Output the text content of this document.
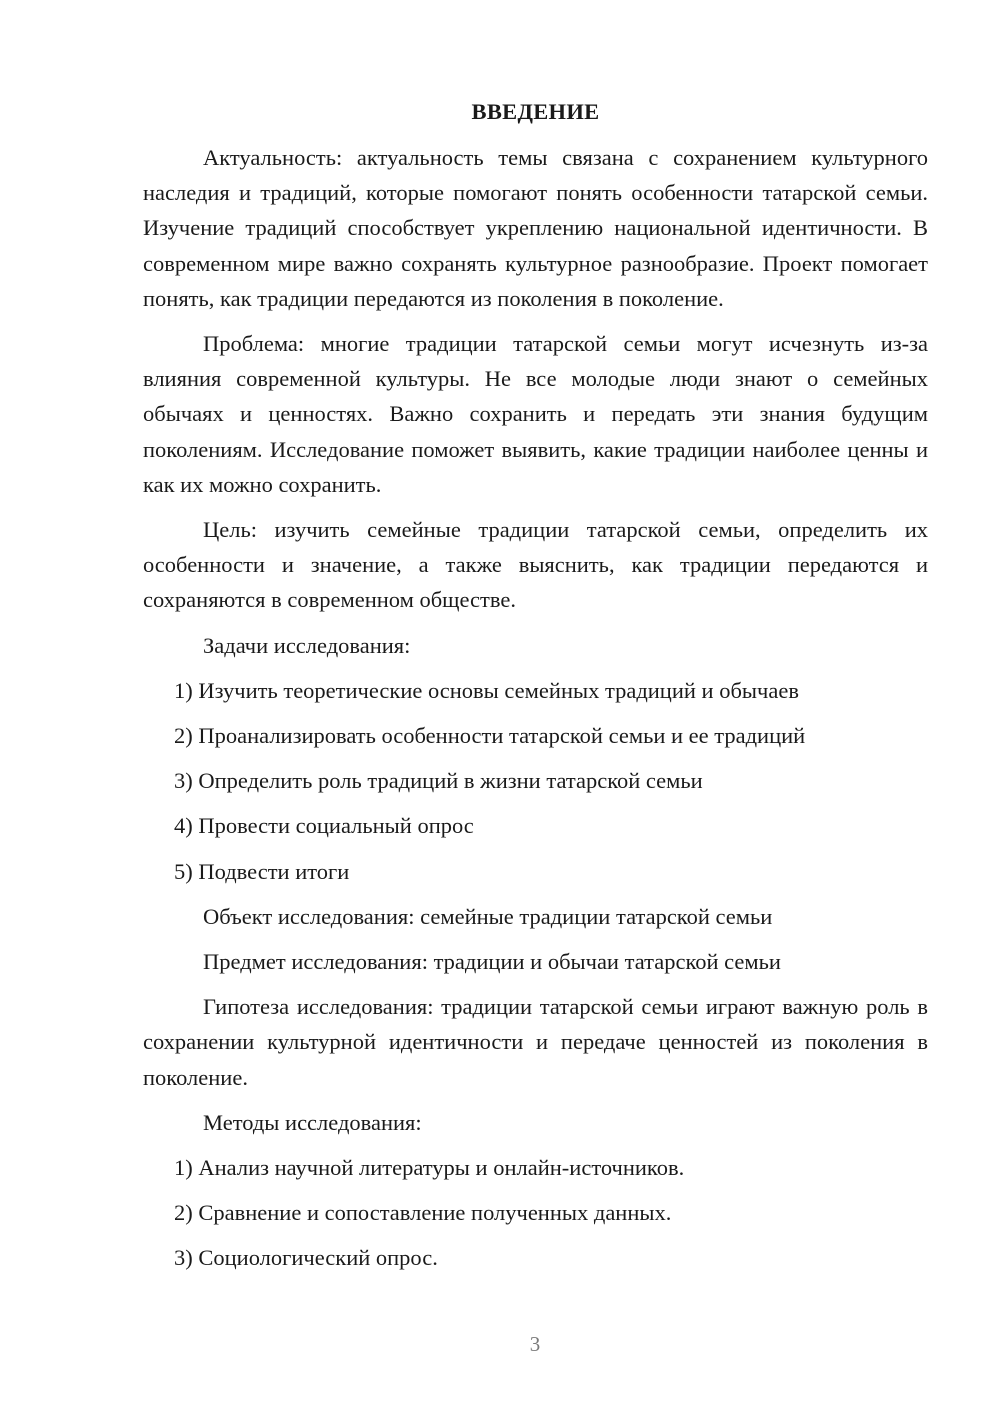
ВВЕДЕНИЕ

Актуальность: актуальность темы связана с сохранением культурного наследия и традиций, которые помогают понять особенности татарской семьи. Изучение традиций способствует укреплению национальной идентичности. В современном мире важно сохранять культурное разнообразие. Проект помогает понять, как традиции передаются из поколения в поколение.

Проблема: многие традиции татарской семьи могут исчезнуть из-за влияния современной культуры. Не все молодые люди знают о семейных обычаях и ценностях. Важно сохранить и передать эти знания будущим поколениям. Исследование поможет выявить, какие традиции наиболее ценны и как их можно сохранить.

Цель: изучить семейные традиции татарской семьи, определить их особенности и значение, а также выяснить, как традиции передаются и сохраняются в современном обществе.

Задачи исследования:
1) Изучить теоретические основы семейных традиций и обычаев
2) Проанализировать особенности татарской семьи и ее традиций
3) Определить роль традиций в жизни татарской семьи
4) Провести социальный опрос
5) Подвести итоги
Объект исследования: семейные традиции татарской семьи
Предмет исследования: традиции и обычаи татарской семьи

Гипотеза исследования: традиции татарской семьи играют важную роль в сохранении культурной идентичности и передаче ценностей из поколения в поколение.

Методы исследования:
1) Анализ научной литературы и онлайн-источников.
2) Сравнение и сопоставление полученных данных.
3) Социологический опрос.
3
